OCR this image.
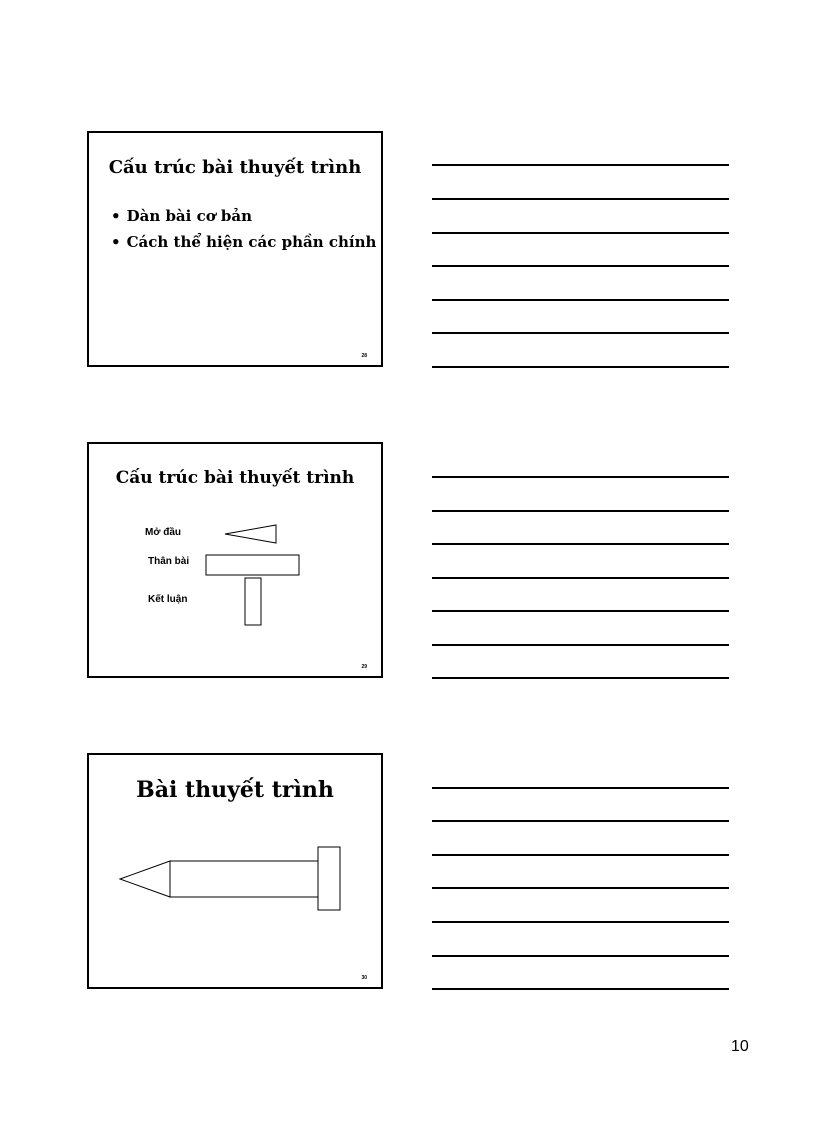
Cấu trúc bài thuyết trình
• Dàn bài cơ bản
• Cách thể hiện các phần chính
28
Cấu trúc bài thuyết trình
Mở đầu
Thân bài
Kết luận
29
Bài thuyết trình
30
10
